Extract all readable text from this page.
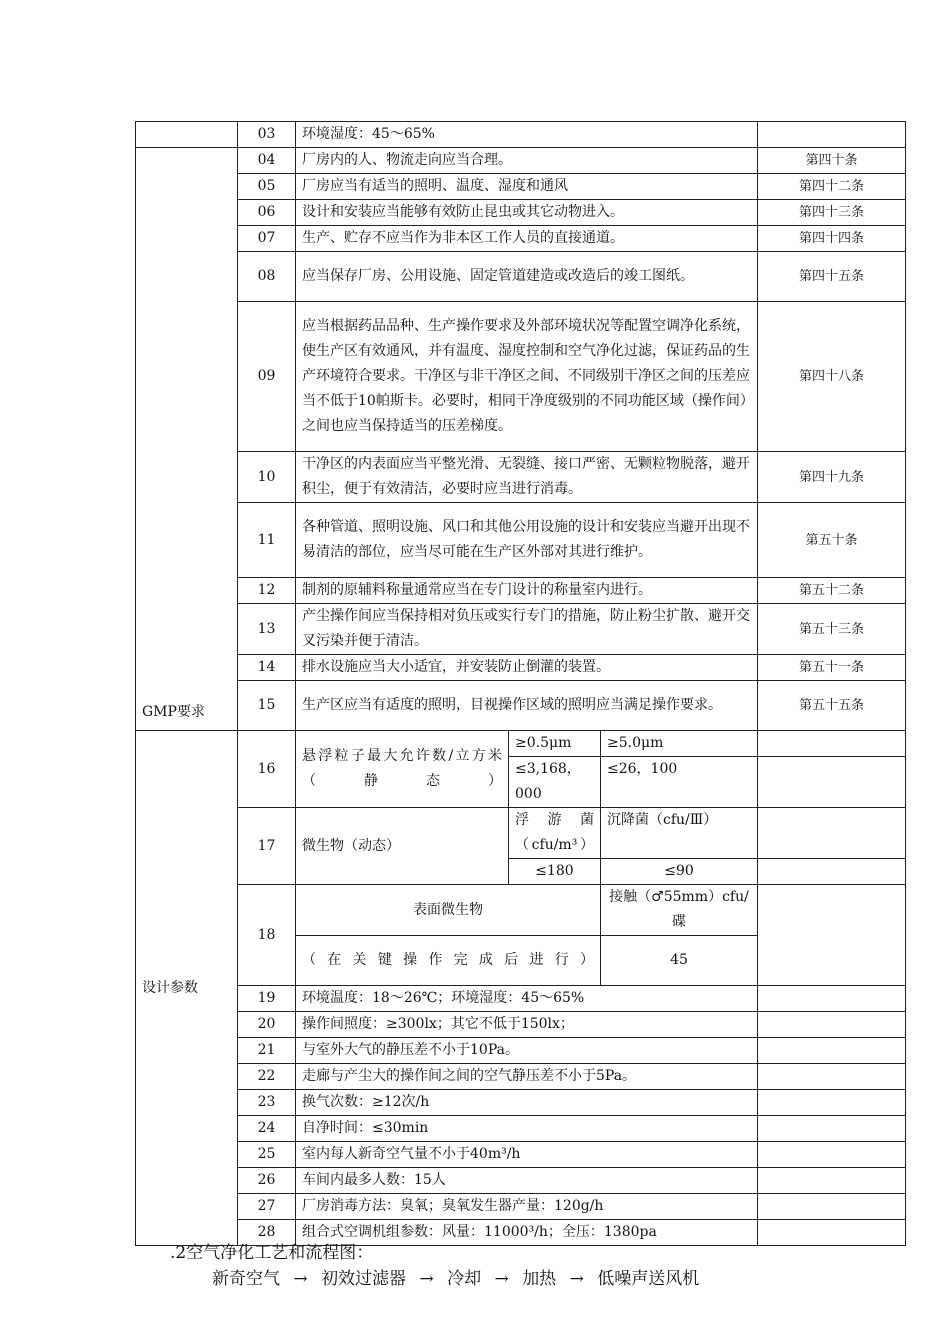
	03	环境湿度：45～65%			
GMP要求	04	厂房内的人、物流走向应当合理。			第四十条
	05	厂房应当有适当的照明、温度、湿度和通风			第四十二条
	06	设计和安装应当能够有效防止昆虫或其它动物进入。			第四十三条
	07	生产、贮存不应当作为非本区工作人员的直接通道。			第四十四条
	08	应当保存厂房、公用设施、固定管道建造或改造后的竣工图纸。			第四十五条
	09	应当根据药品品种、生产操作要求及外部环境状况等配置空调净化系统，使生产区有效通风，并有温度、湿度控制和空气净化过滤，保证药品的生产环境符合要求。干净区与非干净区之间、不同级别干净区之间的压差应当不低于10帕斯卡。必要时，相同干净度级别的不同功能区域（操作间）之间也应当保持适当的压差梯度。			第四十八条
	10	干净区的内表面应当平整光滑、无裂缝、接口严密、无颗粒物脱落，避开积尘，便于有效清洁，必要时应当进行消毒。			第四十九条
	11	各种管道、照明设施、风口和其他公用设施的设计和安装应当避开出现不易清洁的部位，应当尽可能在生产区外部对其进行维护。			第五十条
	12	制剂的原辅料称量通常应当在专门设计的称量室内进行。			第五十二条
	13	产尘操作间应当保持相对负压或实行专门的措施，防止粉尘扩散、避开交叉污染并便于清洁。			第五十三条
	14	排水设施应当大小适宜，并安装防止倒灌的装置。			第五十一条
	15	生产区应当有适度的照明，目视操作区域的照明应当满足操作要求。			第五十五条
设计参数	16	悬浮粒子最大允许数/立方米（静态）	≥0.5μm	≥5.0μm	
			≤3,168，000	≤26，100	

	17	微生物（动态）	浮游菌（cfu/m³）	沉降菌（cfu/Ⅲ）	
			≤180	≤90	
	18	表面微生物		接触（♂55mm）cfu/碟	
		（在关键操作完成后进行）		45	
	19	环境温度：18～26℃；环境湿度：45～65%			
	20	操作间照度：≥300lx；其它不低于150lx；			
	21	与室外大气的静压差不小于10Pa。			
	22	走廊与产尘大的操作间之间的空气静压差不小于5Pa。			
	23	换气次数：≥12次/h			
	24	自净时间：≤30min			
	25	室内每人新奇空气量不小于40m³/h			
	26	车间内最多人数：15人			
	27	厂房消毒方法：臭氧；臭氧发生器产量：120g/h			
	28	组合式空调机组参数：风量：11000³/h；全压：1380pa			
.2空气净化工艺和流程图：
新奇空气 → 初效过滤器 → 冷却 → 加热 → 低噪声送风机
